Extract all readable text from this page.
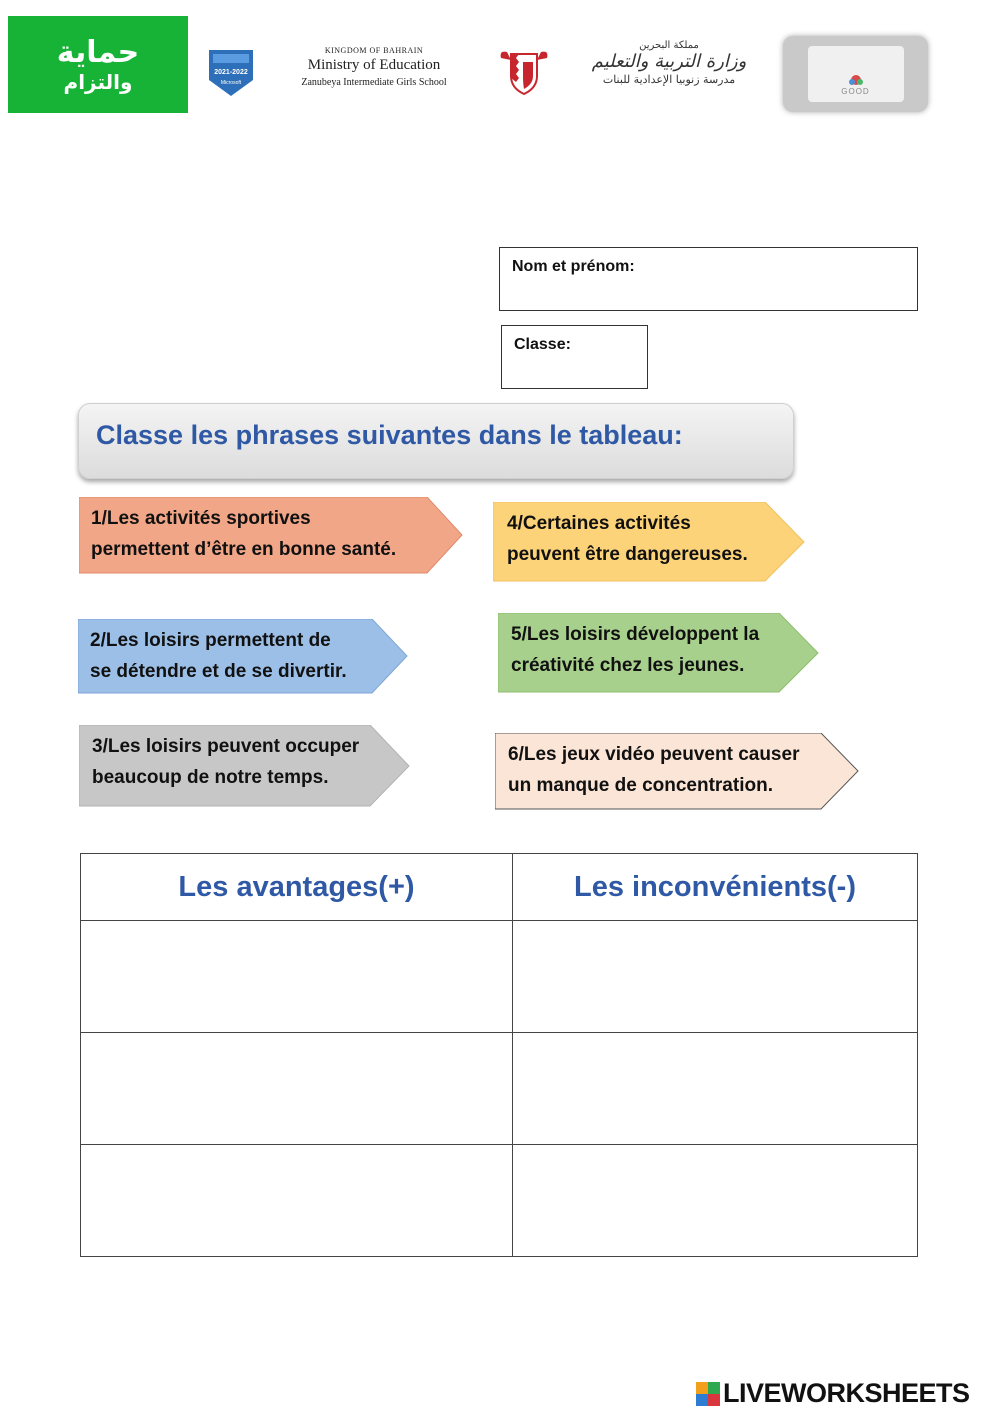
حماية
والتزام	2021-2022
Microsoft
KINGDOM OF BAHRAIN
Ministry of Education
Zanubeya Intermediate Girls School
مملكة البحرين
وزارة التربية والتعليم
مدرسة زنوبيا الإعدادية للبنات
GOOD
Nom et prénom:
Classe:
Classe les phrases suivantes dans le tableau:
1/Les activités sportives
permettent d’être en bonne santé.
2/Les loisirs permettent de
se détendre et de se divertir.
3/Les loisirs peuvent occuper
beaucoup de notre temps.
4/Certaines activités
peuvent être dangereuses.
5/Les loisirs développent la
créativité chez les jeunes.
6/Les jeux vidéo peuvent causer
un manque de concentration.
Les avantages(+)	Les inconvénients(-)

LIVEWORKSHEETS
